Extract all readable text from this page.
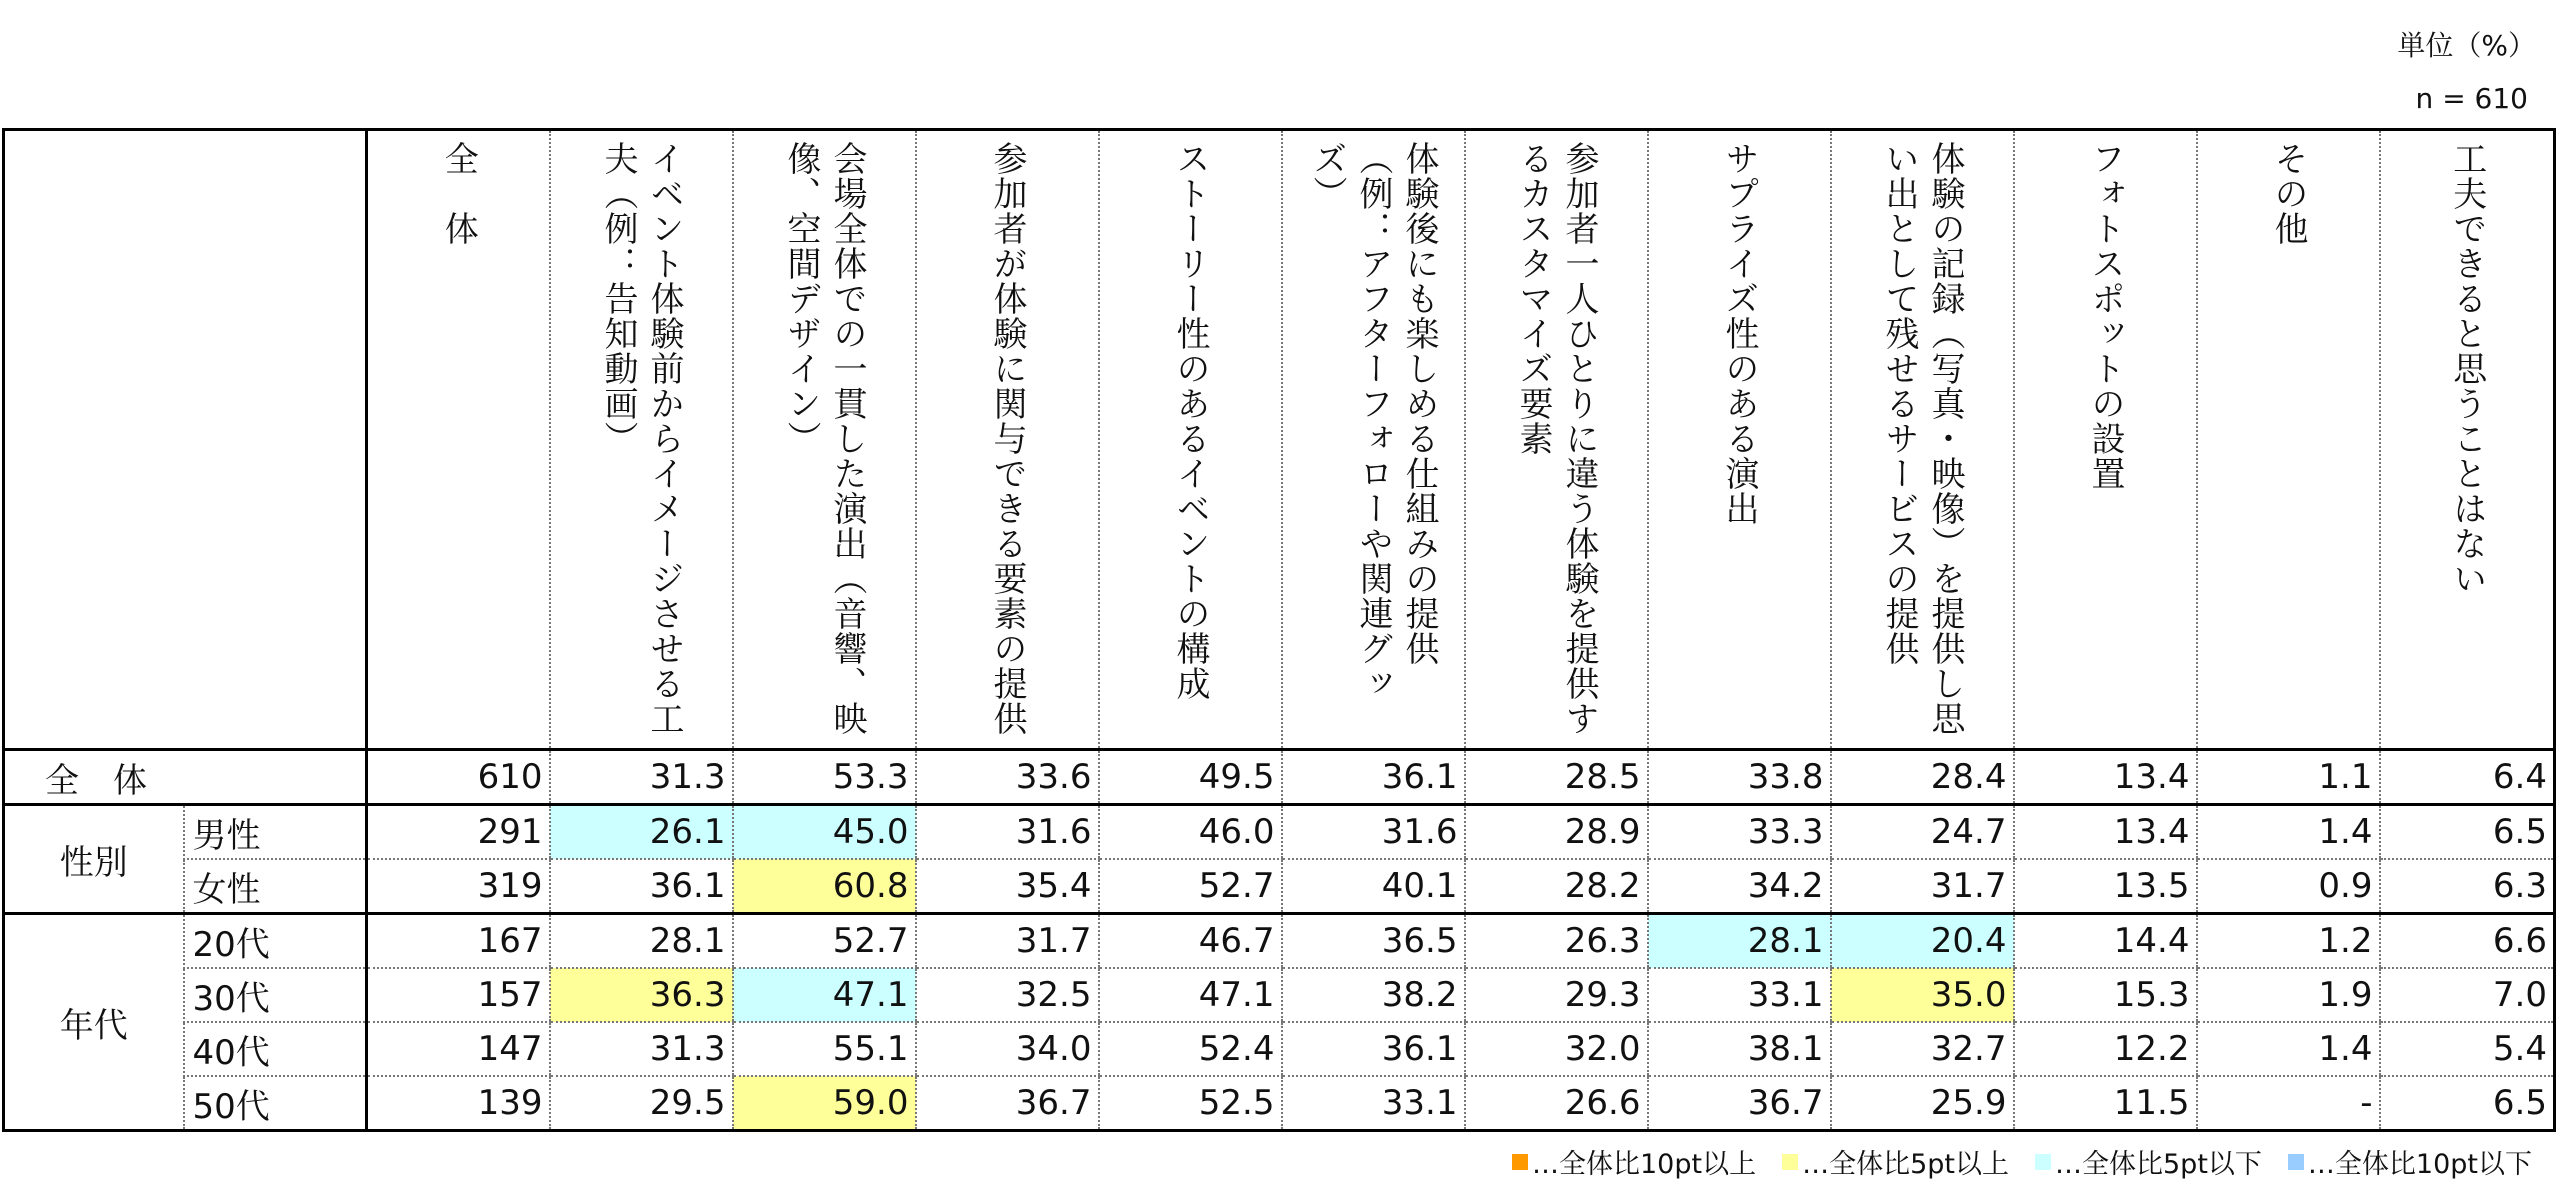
単位（%）
n = 610

		全　体	イベント体験前からイメージさせる工夫（例：告知動画）	会場全体での一貫した演出（音響、映像、空間デザイン）	参加者が体験に関与できる要素の提供	ストーリー性のあるイベントの構成	体験後にも楽しめる仕組みの提供（例：アフターフォローや関連グッズ）	参加者一人ひとりに違う体験を提供するカスタマイズ要素	サプライズ性のある演出	体験の記録（写真・映像）を提供し思い出として残せるサービスの提供	フォトスポットの設置	その他	工夫できると思うことはない

全　体		610	31.3	53.3	33.6	49.5	36.1	28.5	33.8	28.4	13.4	1.1	6.4
性別	男性	291	26.1	45.0	31.6	46.0	31.6	28.9	33.3	24.7	13.4	1.4	6.5
	女性	319	36.1	60.8	35.4	52.7	40.1	28.2	34.2	31.7	13.5	0.9	6.3
年代	20代	167	28.1	52.7	31.7	46.7	36.5	26.3	28.1	20.4	14.4	1.2	6.6
	30代	157	36.3	47.1	32.5	47.1	38.2	29.3	33.1	35.0	15.3	1.9	7.0
	40代	147	31.3	55.1	34.0	52.4	36.1	32.0	38.1	32.7	12.2	1.4	5.4
	50代	139	29.5	59.0	36.7	52.5	33.1	26.6	36.7	25.9	11.5	-	6.5
…全体比10pt以上 …全体比5pt以上 …全体比5pt以下 …全体比10pt以下
